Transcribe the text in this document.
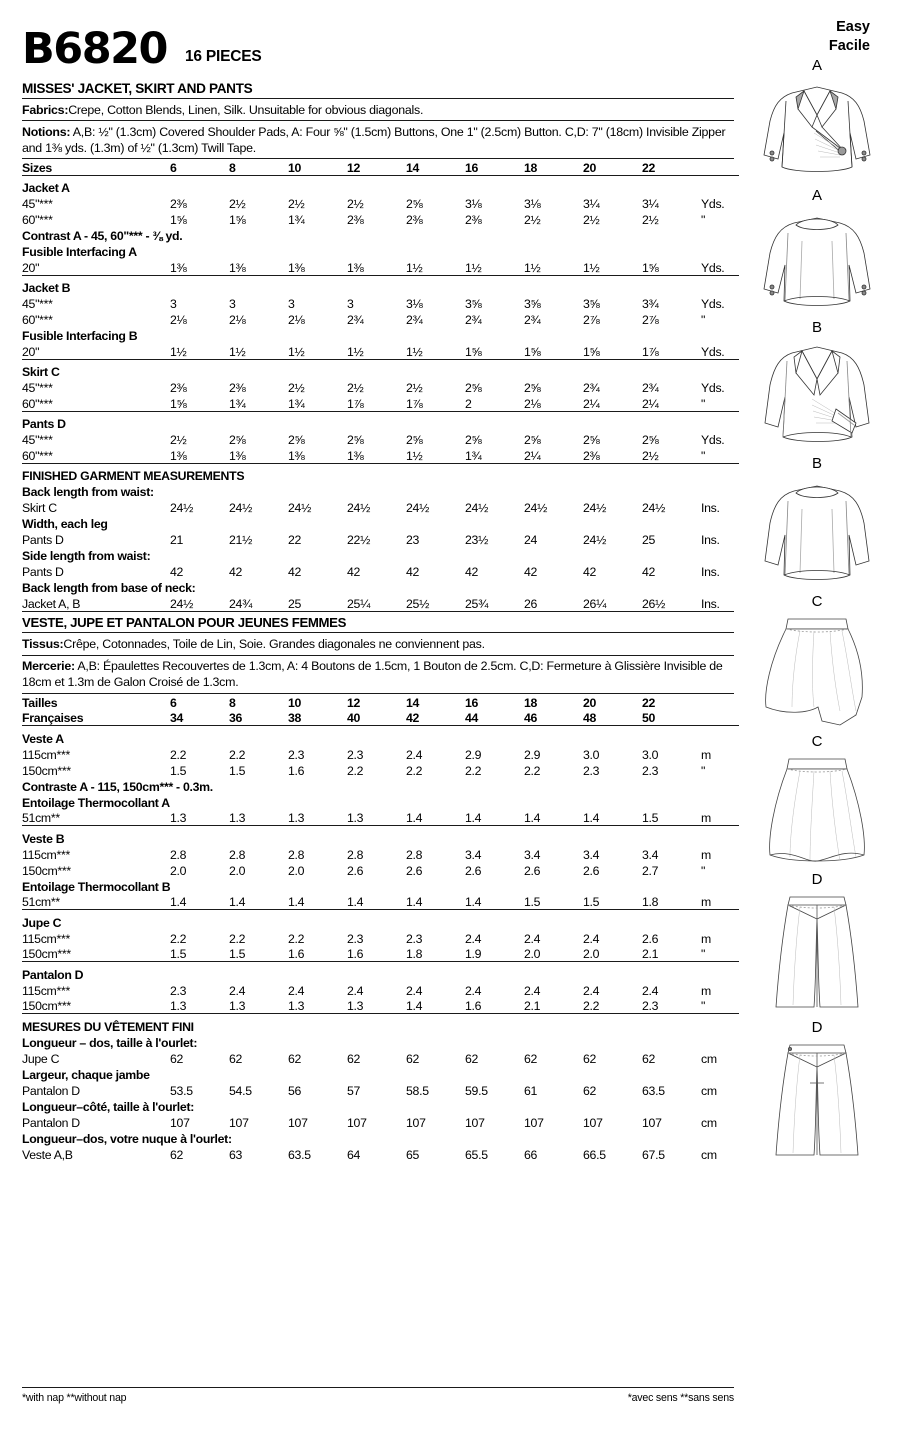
B6820 16 PIECES
MISSES' JACKET, SKIRT AND PANTS
Fabrics:Crepe, Cotton Blends, Linen, Silk. Unsuitable for obvious diagonals.
Notions: A,B: ½" (1.3cm) Covered Shoulder Pads, A: Four ⅝" (1.5cm) Buttons, One 1" (2.5cm) Button. C,D: 7" (18cm) Invisible Zipper and 1⅜ yds. (1.3m) of ½" (1.3cm) Twill Tape.
Sizes	6	8	10	12	14	16	18	20	22	

Jacket A										
45"***	2⅜	2½	2½	2½	2⅝	3⅛	3⅛	3¼	3¼	Yds.
60"***	1⅝	1⅝	1¾	2⅜	2⅜	2⅜	2½	2½	2½	"
Contrast A - 45, 60"*** - ⅜ yd.										
Fusible Interfacing A										
20"	1⅜	1⅜	1⅜	1⅜	1½	1½	1½	1½	1⅝	Yds.

Jacket B										
45"***	3	3	3	3	3⅛	3⅝	3⅝	3⅝	3¾	Yds.
60"***	2⅛	2⅛	2⅛	2¾	2¾	2¾	2¾	2⅞	2⅞	"
Fusible Interfacing B										
20"	1½	1½	1½	1½	1½	1⅝	1⅝	1⅝	1⅞	Yds.

Skirt C										
45"***	2⅜	2⅜	2½	2½	2½	2⅝	2⅝	2¾	2¾	Yds.
60"***	1⅝	1¾	1¾	1⅞	1⅞	2	2⅛	2¼	2¼	"

Pants D										
45"***	2½	2⅝	2⅝	2⅝	2⅝	2⅝	2⅝	2⅝	2⅝	Yds.
60"***	1⅜	1⅜	1⅜	1⅜	1½	1¾	2¼	2⅜	2½	"

FINISHED GARMENT MEASUREMENTS										
Back length from waist:										
Skirt C	24½	24½	24½	24½	24½	24½	24½	24½	24½	Ins.
Width, each leg										
Pants D	21	21½	22	22½	23	23½	24	24½	25	Ins.
Side length from waist:										
Pants D	42	42	42	42	42	42	42	42	42	Ins.
Back length from base of neck:										
Jacket A, B	24½	24¾	25	25¼	25½	25¾	26	26¼	26½	Ins.
VESTE, JUPE ET PANTALON POUR JEUNES FEMMES
Tissus:Crêpe, Cotonnades, Toile de Lin, Soie. Grandes diagonales ne conviennent pas.
Mercerie: A,B: Épaulettes Recouvertes de 1.3cm, A: 4 Boutons de 1.5cm, 1 Bouton de 2.5cm. C,D: Fermeture à Glissière Invisible de 18cm et 1.3m de Galon Croisé de 1.3cm.
Tailles	6	8	10	12	14	16	18	20	22	
Françaises	34	36	38	40	42	44	46	48	50	

Veste A										
115cm***	2.2	2.2	2.3	2.3	2.4	2.9	2.9	3.0	3.0	m
150cm***	1.5	1.5	1.6	2.2	2.2	2.2	2.2	2.3	2.3	"
Contraste A - 115, 150cm*** - 0.3m.										
Entoilage Thermocollant A										
51cm**	1.3	1.3	1.3	1.3	1.4	1.4	1.4	1.4	1.5	m

Veste B										
115cm***	2.8	2.8	2.8	2.8	2.8	3.4	3.4	3.4	3.4	m
150cm***	2.0	2.0	2.0	2.6	2.6	2.6	2.6	2.6	2.7	"
Entoilage Thermocollant B										
51cm**	1.4	1.4	1.4	1.4	1.4	1.4	1.5	1.5	1.8	m

Jupe C										
115cm***	2.2	2.2	2.2	2.3	2.3	2.4	2.4	2.4	2.6	m
150cm***	1.5	1.5	1.6	1.6	1.8	1.9	2.0	2.0	2.1	"

Pantalon D										
115cm***	2.3	2.4	2.4	2.4	2.4	2.4	2.4	2.4	2.4	m
150cm***	1.3	1.3	1.3	1.3	1.4	1.6	2.1	2.2	2.3	"

MESURES DU VÊTEMENT FINI										
Longueur – dos, taille à l'ourlet:										
Jupe C	62	62	62	62	62	62	62	62	62	cm
Largeur, chaque jambe										
Pantalon D	53.5	54.5	56	57	58.5	59.5	61	62	63.5	cm
Longueur–côté, taille à l'ourlet:										
Pantalon D	107	107	107	107	107	107	107	107	107	cm
Longueur–dos, votre nuque à l'ourlet:										
Veste A,B	62	63	63.5	64	65	65.5	66	66.5	67.5	cm
*with nap **without nap	*avec sens **sans sens
Easy
Facile
A
A
B
B
C
C
D
D
